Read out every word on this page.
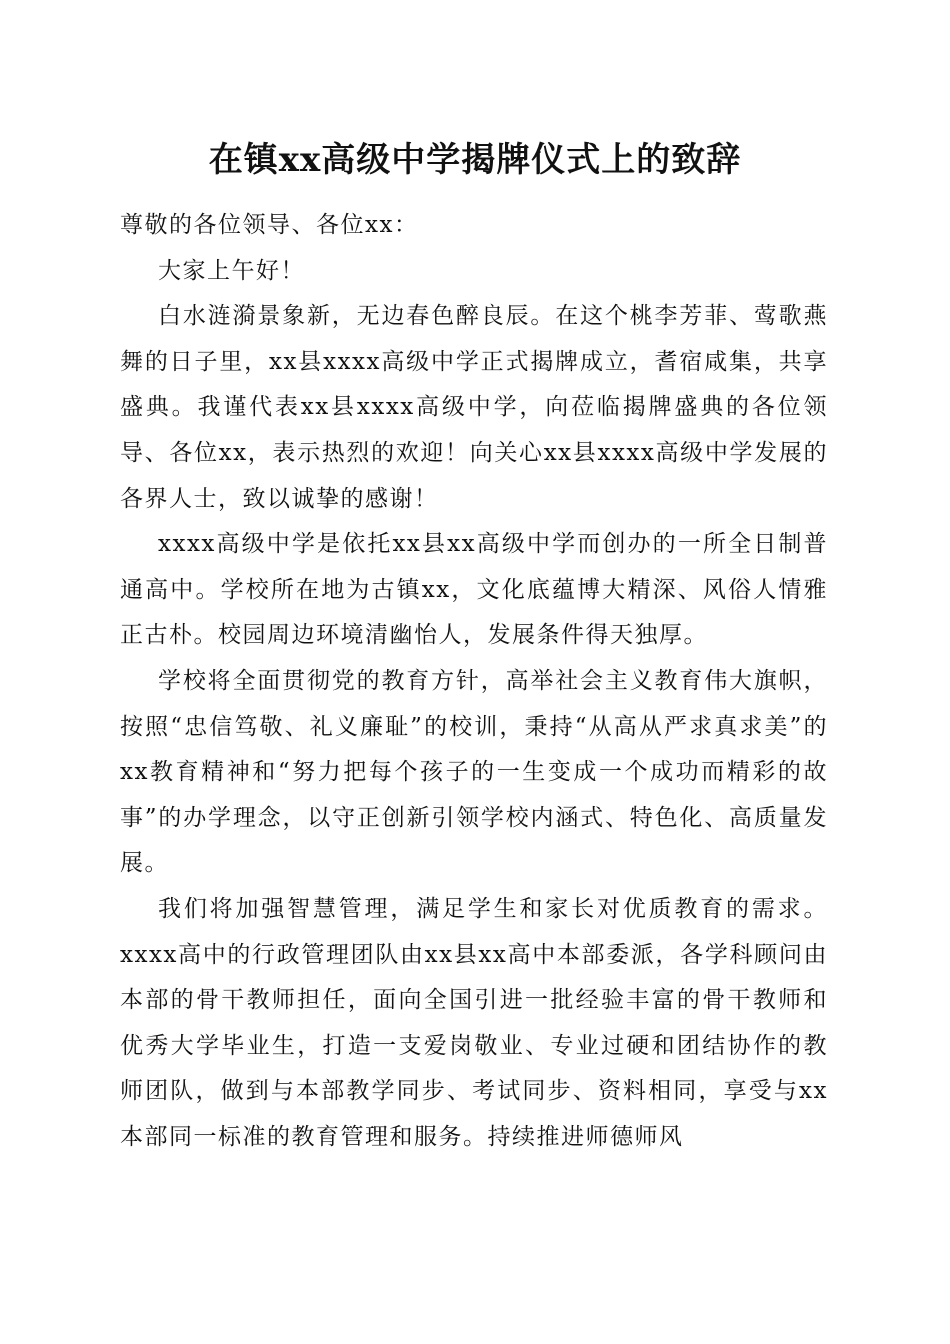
在镇xx高级中学揭牌仪式上的致辞

尊敬的各位领导、各位xx：

大家上午好！

白水涟漪景象新，无边春色醉良辰。在这个桃李芳菲、莺歌燕舞的日子里，xx县xxxx高级中学正式揭牌成立，耆宿咸集，共享盛典。我谨代表xx县xxxx高级中学，向莅临揭牌盛典的各位领导、各位xx，表示热烈的欢迎！向关心xx县xxxx高级中学发展的各界人士，致以诚挚的感谢！

xxxx高级中学是依托xx县xx高级中学而创办的一所全日制普通高中。学校所在地为古镇xx，文化底蕴博大精深、风俗人情雅正古朴。校园周边环境清幽怡人，发展条件得天独厚。

学校将全面贯彻党的教育方针，高举社会主义教育伟大旗帜，按照“忠信笃敬、礼义廉耻”的校训，秉持“从高从严求真求美”的xx教育精神和“努力把每个孩子的一生变成一个成功而精彩的故事”的办学理念，以守正创新引领学校内涵式、特色化、高质量发展。

我们将加强智慧管理，满足学生和家长对优质教育的需求。xxxx高中的行政管理团队由xx县xx高中本部委派，各学科顾问由本部的骨干教师担任，面向全国引进一批经验丰富的骨干教师和优秀大学毕业生，打造一支爱岗敬业、专业过硬和团结协作的教师团队，做到与本部教学同步、考试同步、资料相同，享受与xx本部同一标准的教育管理和服务。持续推进师德师风
